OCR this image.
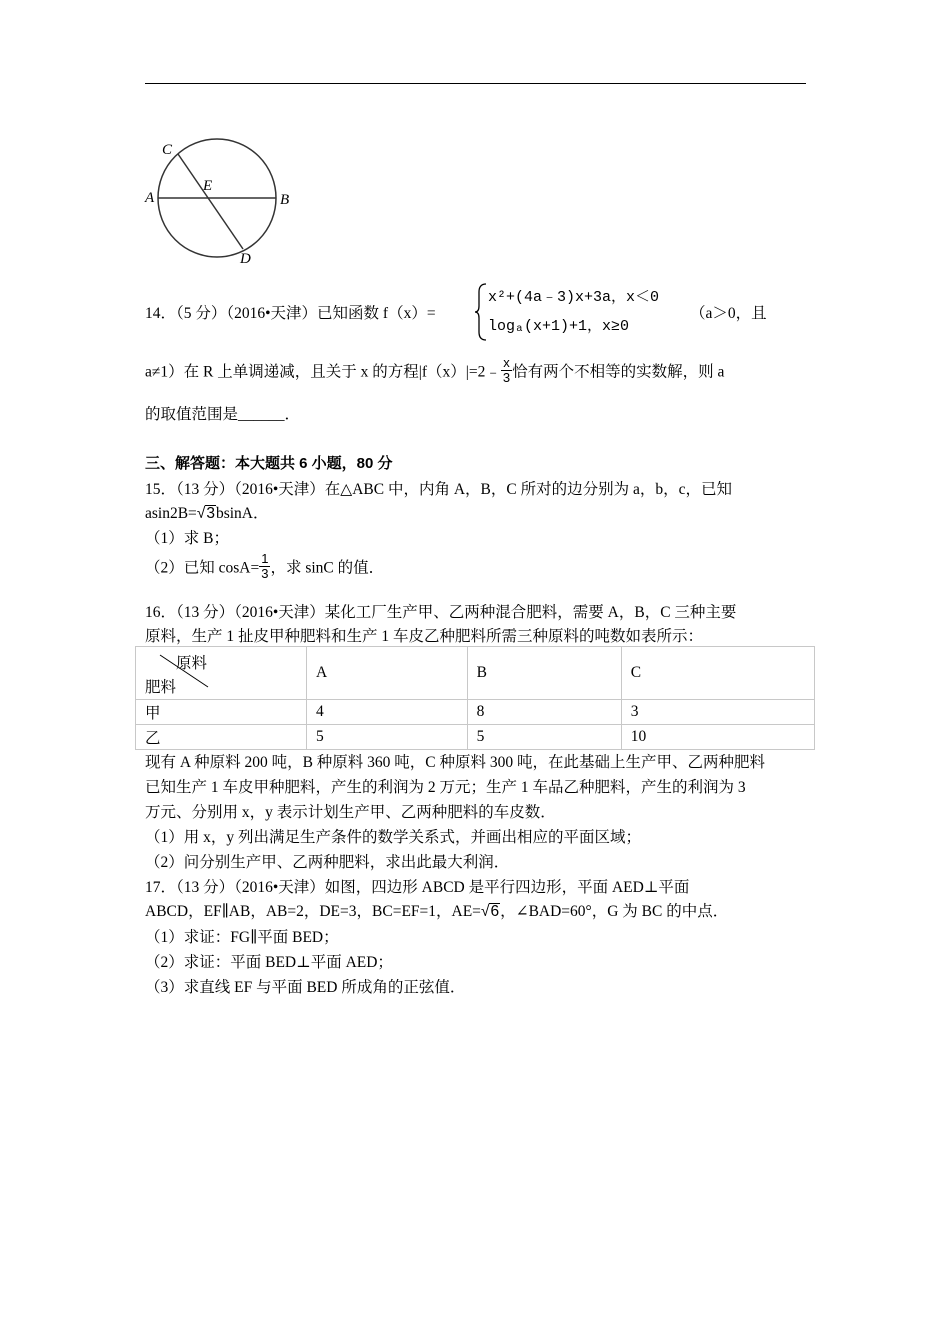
C
E
A	B
D
14．（5 分）（2016•天津）已知函数 f（x）=
x²+(4a﹣3)x+3a，x＜0
logₐ(x+1)+1，x≥0
（a＞0，且
a≠1）在 R 上单调递减，且关于 x 的方程|f（x）|=2﹣ $\frac{x}{3}$ 恰有两个不相等的实数解，则 a
的取值范围是______．
三、解答题：本大题共 6 小题，80 分
15．（13 分）（2016•天津）在△ABC 中，内角 A，B，C 所对的边分别为 a，b，c，已知
asin2B=√3bsinA．
（1）求 B；
（2）已知 $\cos A= \frac{1}{3}$ ，求 sinC 的值．
16．（13 分）（2016•天津）某化工厂生产甲、乙两种混合肥料，需要 A，B，C 三种主要
原料，生产 1 扯皮甲种肥料和生产 1 车皮乙种肥料所需三种原料的吨数如表所示：
原料
肥料	A	B	C
甲	4	8	3
乙	5	5	10
现有 A 种原料 200 吨，B 种原料 360 吨，C 种原料 300 吨，在此基础上生产甲、乙两种肥料
已知生产 1 车皮甲种肥料，产生的利润为 2 万元；生产 1 车品乙种肥料，产生的利润为 3
万元、分别用 x，y 表示计划生产甲、乙两种肥料的车皮数．
（1）用 x，y 列出满足生产条件的数学关系式，并画出相应的平面区域；
（2）问分别生产甲、乙两种肥料，求出此最大利润．
17．（13 分）（2016•天津）如图，四边形 ABCD 是平行四边形，平面 AED⊥平面
ABCD，EF∥AB，AB=2，DE=3，BC=EF=1，AE=√6，∠BAD=60°，G 为 BC 的中点．
（1）求证：FG∥平面 BED；
（2）求证：平面 BED⊥平面 AED；
（3）求直线 EF 与平面 BED 所成角的正弦值．
